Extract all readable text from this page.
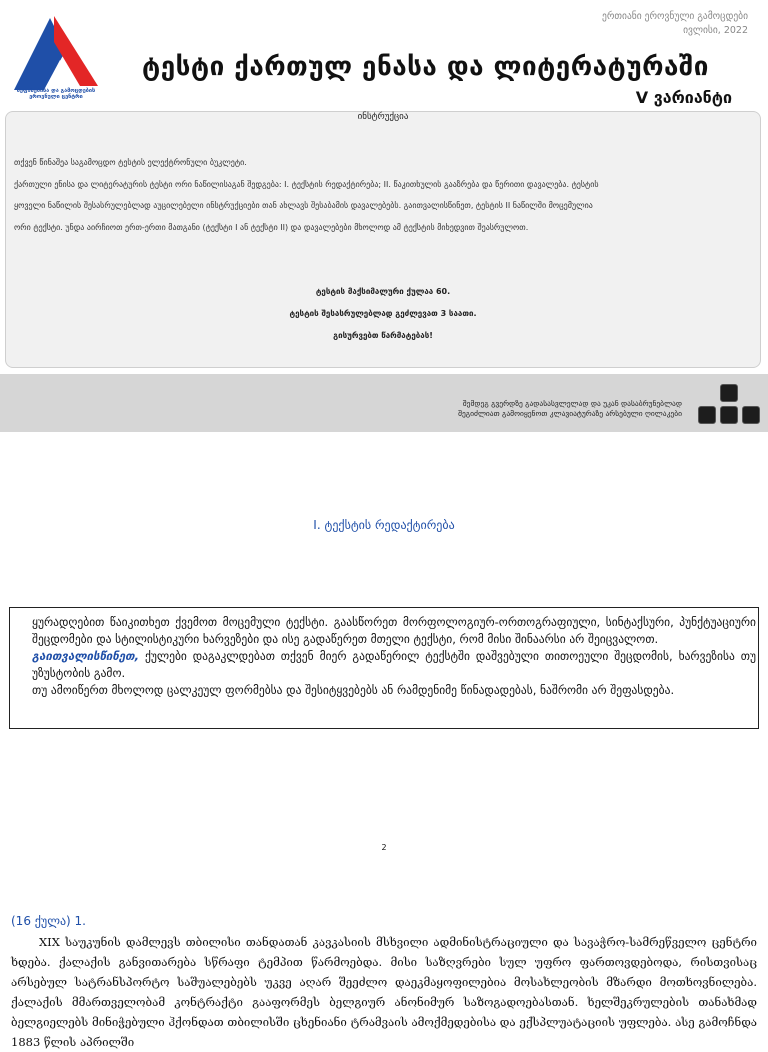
შეფასებისა და გამოცდების ეროვნული ცენტრი
ერთიანი ეროვნული გამოცდები
ივლისი, 2022
ტესტი ქართულ ენასა და ლიტერატურაში
V ვარიანტი
ინსტრუქცია
თქვენ წინაშეა საგამოცდო ტესტის ელექტრონული ბუკლეტი.
ქართული ენისა და ლიტერატურის ტესტი ორი ნაწილისაგან შედგება: I. ტექსტის რედაქტირება; II. წაკითხულის გააზრება და წერითი დავალება. ტესტის
ყოველი ნაწილის შესასრულებლად აუცილებელი ინსტრუქციები თან ახლავს შესაბამის დავალებებს. გაითვალისწინეთ, ტესტის II ნაწილში მოცემულია
ორი ტექსტი. უნდა აირჩიოთ ერთ-ერთი მათგანი (ტექსტი I ან ტექსტი II) და დავალებები მხოლოდ ამ ტექსტის მიხედვით შეასრულოთ.
ტესტის მაქსიმალური ქულაა 60.
ტესტის შესასრულებლად გეძლევათ 3 საათი.
გისურვებთ წარმატებას!
შემდეგ გვერდზე გადასასვლელად და უკან დასაბრუნებლად
შეგიძლიათ გამოიყენოთ კლავიატურაზე არსებული ღილაკები
I. ტექსტის რედაქტირება

ყურადღებით წაიკითხეთ ქვემოთ მოცემული ტექსტი. გაასწორეთ მორფოლოგიურ-ორთოგრაფიული, სინტაქსური, პუნქტუაციური შეცდომები და სტილისტიკური ხარვეზები და ისე გადაწერეთ მთელი ტექსტი, რომ მისი შინაარსი არ შეიცვალოთ.

გაითვალისწინეთ, ქულები დაგაკლდებათ თქვენ მიერ გადაწერილ ტექსტში დაშვებული თითოეული შეცდომის, ხარვეზისა თუ უზუსტობის გამო.

თუ ამოიწერთ მხოლოდ ცალკეულ ფორმებსა და შესიტყვებებს ან რამდენიმე წინადადებას, ნაშრომი არ შეფასდება.

2
(16 ქულა) 1.

XIX საუკუნის დამლევს თბილისი თანდათან კავკასიის მსხვილი ადმინისტრაციული და სავაჭრო-სამრეწველო ცენტრი ხდება. ქალაქის განვითარება სწრაფი ტემპით წარმოებდა. მისი საზღვრები სულ უფრო ფართოვდებოდა, რისთვისაც არსებულ სატრანსპორტო საშუალებებს უკვე აღარ შეეძლო დაეკმაყოფილებია მოსახლეობის მზარდი მოთხოვნილება. ქალაქის მმართველობამ კონტრაქტი გააფორმეს ბელგიურ ანონიმურ საზოგადოებასთან. ხელშეკრულების თანახმად ბელგიელებს მინიჭებული ჰქონდათ თბილისში ცხენიანი ტრამვაის ამოქმედებისა და ექსპლუატაციის უფლება. ასე გამოჩნდა 1883 წლის აპრილში
